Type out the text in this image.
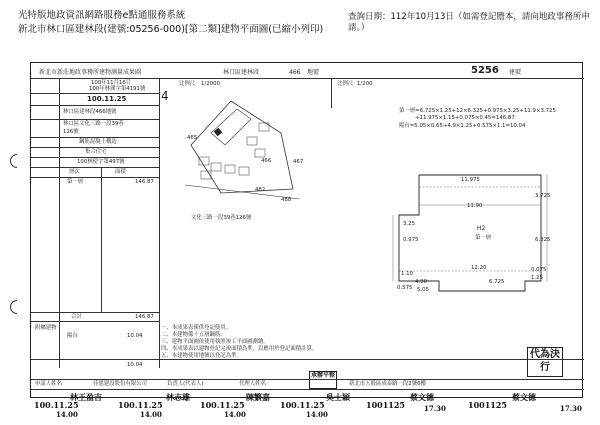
光特版地政資訊網路服務e點通服務系統
新北市林口區建林段(建號:05256-000)[第二類]建物平面圖(已縮小列印)
查詢日期：112年10月13日（如需登記謄本，請向地政事務所申請。）
新北市新莊地政事務所建物測量成果圖	林口區建林段	466 地號	5256 建號
100年11月16日
100年林測字第4191號
100.11.25
林口區建林段466地號
林口區文化三路一段39巷
126號
鋼筋混凝土構造
集合住宅
100林使字第497號
層次	面積
第一層	146.87
合計	146.87
附屬建物
陽台	10.04
10.04
一、本成果表僅供登記使用。
二、本建物係十五層鋼筋。
三、建物平面圖依使用執照竣工平面圖測繪。
四、本成果表以建物登記完竣面積為準，以應用於登記面積計算。
五、本建物使用地號以登記為準。
比例尺 1/2000
4
466
465
467
482
488
文化三路一段39巷126號
比例尺 1/200
第一層=6.725×1.25+12×6.325+0.975×3.25+11.9×3.725
+11.975×1.15+0.075×0.45=146.87
陽台=5.05×0.65+4.9×1.25+0.575×1.1=10.04
11.975
11.90
12.20
6.725
3.25
0.975
3.725
6.325
1.25
0.075
4.90
5.05
0.575
1.10
H2
第一層
代為決行
申請人姓名	佳恩建設股份有限公司	負責人(代表人)	代理人姓名	新北市五股區成泰路一段2號6樓
承辦平整
100.11.25
14.00
林王盈吉
100.11.25
14.00
林志雄
100.11.25
14.00
陳繁嘉
100.11.25
14.00
吳士穎
1001125	17.30
蔡文德
1001125	17.30
蔡文德
